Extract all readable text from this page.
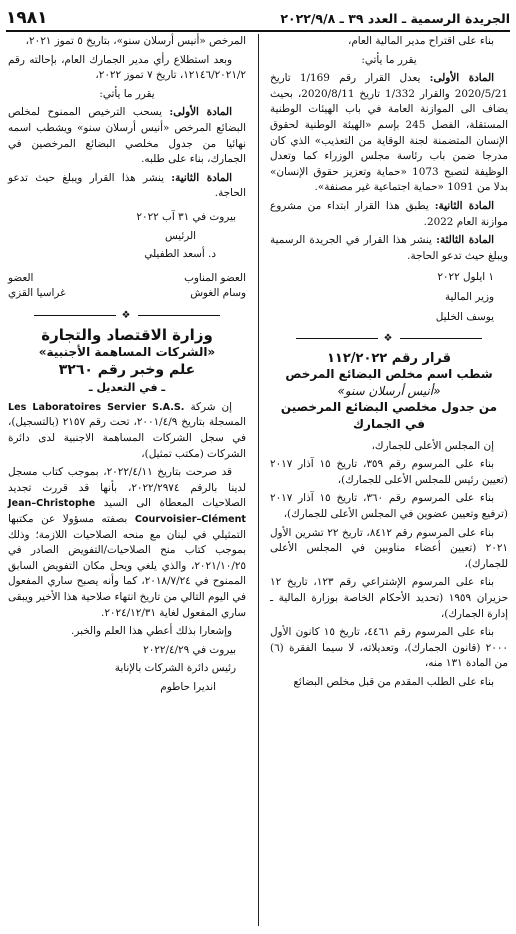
الجريدة الرسمية ـ العدد ٣٩ ـ ٢٠٢٢/٩/٨
١٩٨١

بناء على اقتراح مدير المالية العام،

يقرر ما يأتي:

المادة الأولى: يعدل القرار رقم 1/169 تاريخ 2020/5/21 والقرار 1/332 تاريخ 2020/8/11، بحيث يضاف الى الموازنة العامة في باب الهيئات الوطنية المستقلة، الفصل 245 بإسم «الهيئة الوطنية لحقوق الإنسان المتضمنة لجنة الوقاية من التعذيب» الذي كان مدرجا ضمن باب رئاسة مجلس الوزراء كما وتعدل الوظيفة لتصبح 1073 «حماية وتعزيز حقوق الإنسان» بدلا من 1091 «حماية اجتماعية غير مصنفة».

المادة الثانية: يطبق هذا القرار ابتداء من مشروع موازنة العام 2022.

المادة الثالثة: ينشر هذا القرار في الجريدة الرسمية ويبلغ حيث تدعو الحاجة.

١ ايلول ٢٠٢٢

وزير المالية

يوسف الخليل

❖

قرار رقم ١١٢/٢٠٢٢

شطب اسم مخلص البضائع المرخص

«أنيس أرسلان سنو»

من جدول مخلصي البضائع المرخصين

في الجمارك

إن المجلس الأعلى للجمارك،

بناء على المرسوم رقم ٣٥٩، تاريخ ١٥ آذار ٢٠١٧ (تعيين رئيس للمجلس الأعلى للجمارك)،

بناء على المرسوم رقم ٣٦٠، تاريخ ١٥ آذار ٢٠١٧ (ترفيع وتعيين عضوين في المجلس الأعلى للجمارك)،

بناء على المرسوم رقم ٨٤١٢، تاريخ ٢٢ تشرين الأول ٢٠٢١ (تعيين أعضاء مناوبين في المجلس الأعلى للجمارك)،

بناء على المرسوم الإشتراعي رقم ١٢٣، تاريخ ١٢ حزيران ١٩٥٩ (تحديد الأحكام الخاصة بوزارة المالية ـ إدارة الجمارك)،

بناء على المرسوم رقم ٤٤٦١، تاريخ ١٥ كانون الأول ٢٠٠٠ (قانون الجمارك)، وتعديلاته، لا سيما الفقرة (٦) من المادة ١٣١ منه،

بناء على الطلب المقدم من قبل مخلص البضائع

المرخص «أنيس أرسلان سنو»، بتاريخ ٥ تموز ٢٠٢١،

وبعد استطلاع رأي مدير الجمارك العام، بإحالته رقم ١٢١٤٦/٢٠٢١/٢، تاريخ ٧ تموز ٢٠٢٢،

يقرر ما يأتي:

المادة الأولى: يسحب الترخيص الممنوح لمخلص البضائع المرخص «أنيس أرسلان سنو» ويشطب اسمه نهائيا من جدول مخلصي البضائع المرخصين في الجمارك، بناء على طلبه.

المادة الثانية: ينشر هذا القرار ويبلغ حيث تدعو الحاجة.

بيروت في ٣١ آب ٢٠٢٢

الرئيس

د. أسعد الطفيلي

العضو المناوب
العضو
وسام الغوش
غراسيا القزي
❖

وزارة الاقتصاد والتجارة

«الشركات المساهمة الأجنبية»

علم وخبر رقم ٣٢٦٠

ـ في التعديل ـ

إن شركة Les Laboratoires Servier S.A.S. المسجلة بتاريخ ٢٠٠١/٤/٩، تحت رقم ٢١٥٧ (بالتسجيل)، في سجل الشركات المساهمة الاجنبية لدى دائرة الشركات (مكتب تمثيل)،

قد صرحت بتاريخ ٢٠٢٢/٤/١١، بموجب كتاب مسجل لدينا بالرقم ٢٠٢٢/٢٩٧٤، بأنها قد قررت تجديد الصلاحيات المعطاة الى السيد Jean–Christophe Courvoisier–Clément بصفته مسؤولا عن مكتبها التمثيلي في لبنان مع منحه الصلاحيات اللازمة؛ وذلك بموجب كتاب منح الصلاحيات/التفويض الصادر في ٢٠٢١/١٠/٢٥، والذي يلغي ويحل مكان التفويض السابق الممنوح في ٢٠١٨/٧/٢٤، كما وأنه يصبح ساري المفعول في اليوم التالي من تاريخ انتهاء صلاحية هذا الأخير ويبقى ساري المفعول لغاية ٢٠٢٤/١٢/٣١.

وإشعارا بذلك أعطي هذا العلم والخبر.

بيروت في ٢٠٢٢/٤/٢٩

رئيس دائرة الشركات بالإنابة

انديرا حاطوم
